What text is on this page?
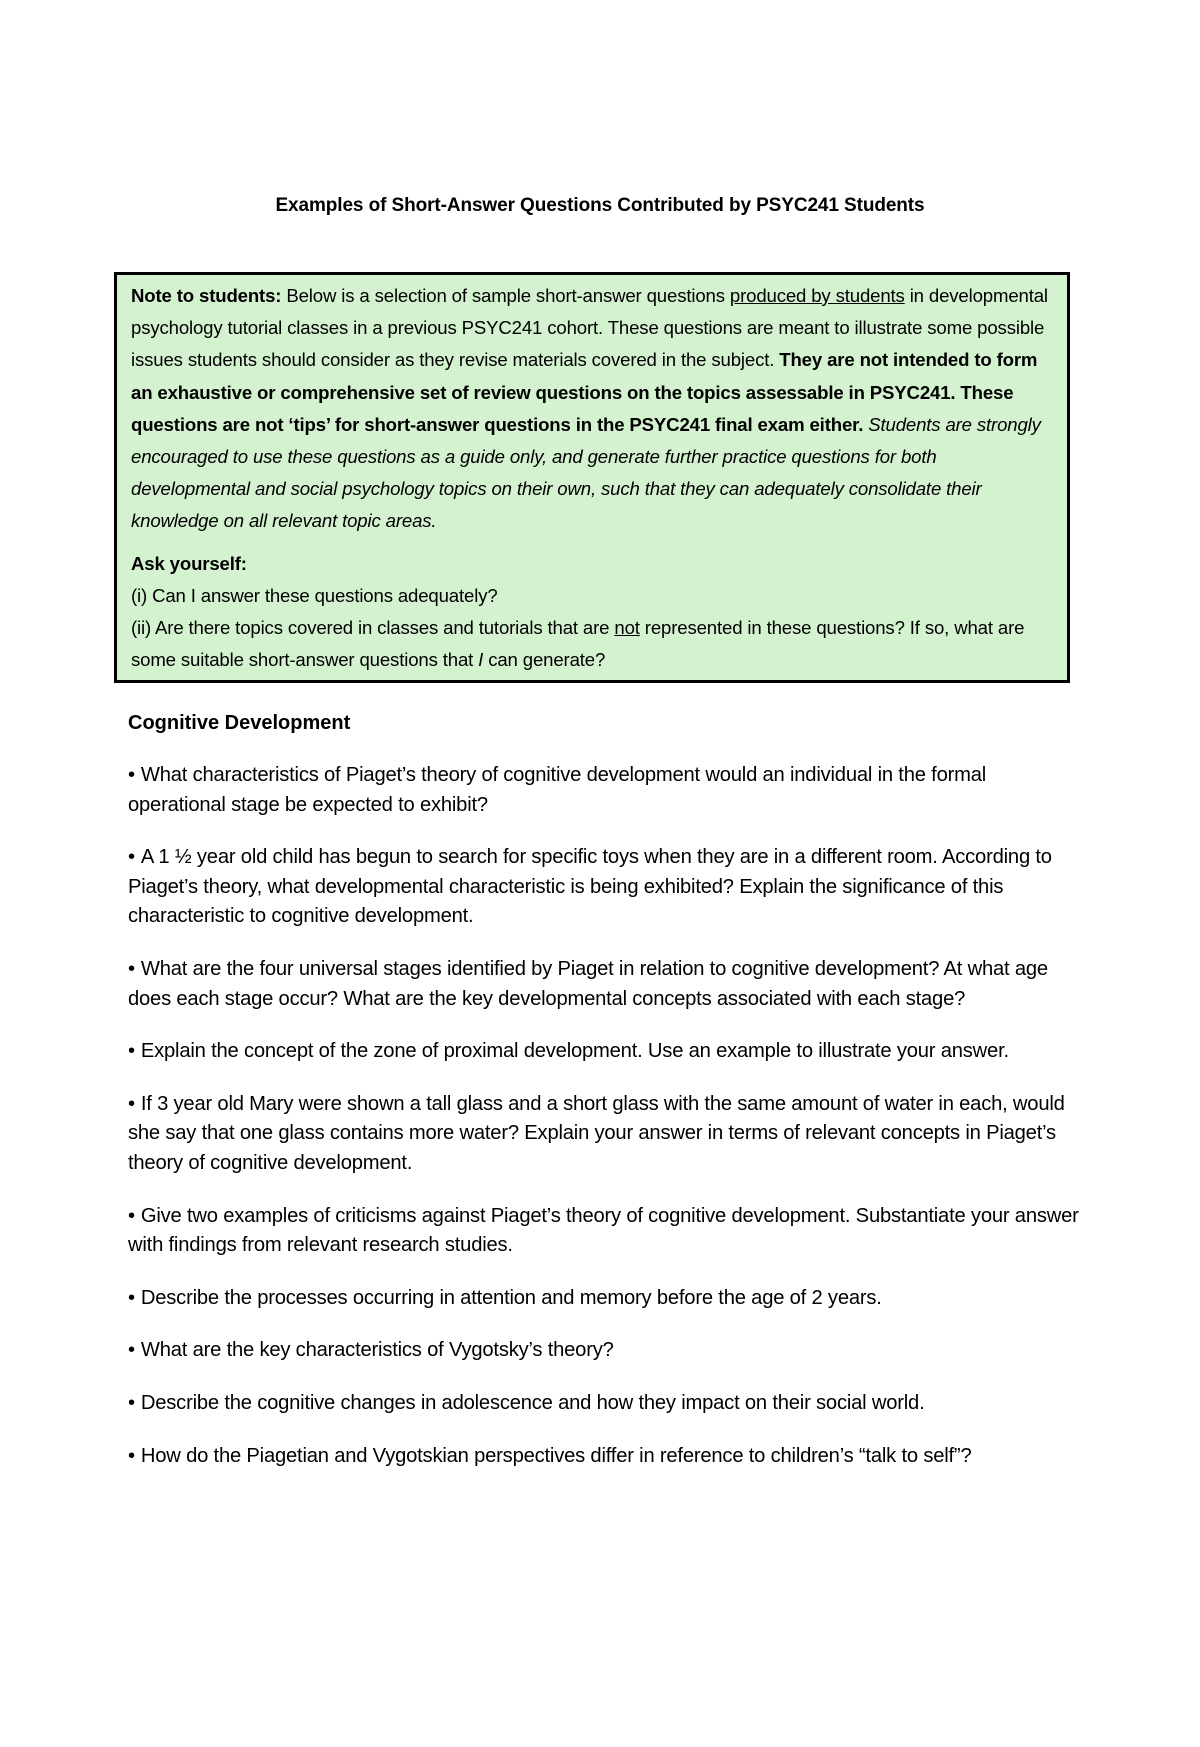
Examples of Short-Answer Questions Contributed by PSYC241 Students

Note to students: Below is a selection of sample short-answer questions produced by students in developmental psychology tutorial classes in a previous PSYC241 cohort. These questions are meant to illustrate some possible issues students should consider as they revise materials covered in the subject. They are not intended to form an exhaustive or comprehensive set of review questions on the topics assessable in PSYC241. These questions are not ‘tips’ for short-answer questions in the PSYC241 final exam either. Students are strongly encouraged to use these questions as a guide only, and generate further practice questions for both developmental and social psychology topics on their own, such that they can adequately consolidate their knowledge on all relevant topic areas.

Ask yourself:
(i) Can I answer these questions adequately?
(ii) Are there topics covered in classes and tutorials that are not represented in these questions? If so, what are some suitable short-answer questions that I can generate?
Cognitive Development

• What characteristics of Piaget’s theory of cognitive development would an individual in the formal operational stage be expected to exhibit?

• A 1 ½ year old child has begun to search for specific toys when they are in a different room. According to Piaget’s theory, what developmental characteristic is being exhibited? Explain the significance of this characteristic to cognitive development.

• What are the four universal stages identified by Piaget in relation to cognitive development? At what age does each stage occur? What are the key developmental concepts associated with each stage?

• Explain the concept of the zone of proximal development. Use an example to illustrate your answer.

• If 3 year old Mary were shown a tall glass and a short glass with the same amount of water in each, would she say that one glass contains more water? Explain your answer in terms of relevant concepts in Piaget’s theory of cognitive development.

• Give two examples of criticisms against Piaget’s theory of cognitive development. Substantiate your answer with findings from relevant research studies.

• Describe the processes occurring in attention and memory before the age of 2 years.

• What are the key characteristics of Vygotsky’s theory?

• Describe the cognitive changes in adolescence and how they impact on their social world.

• How do the Piagetian and Vygotskian perspectives differ in reference to children’s “talk to self”?
